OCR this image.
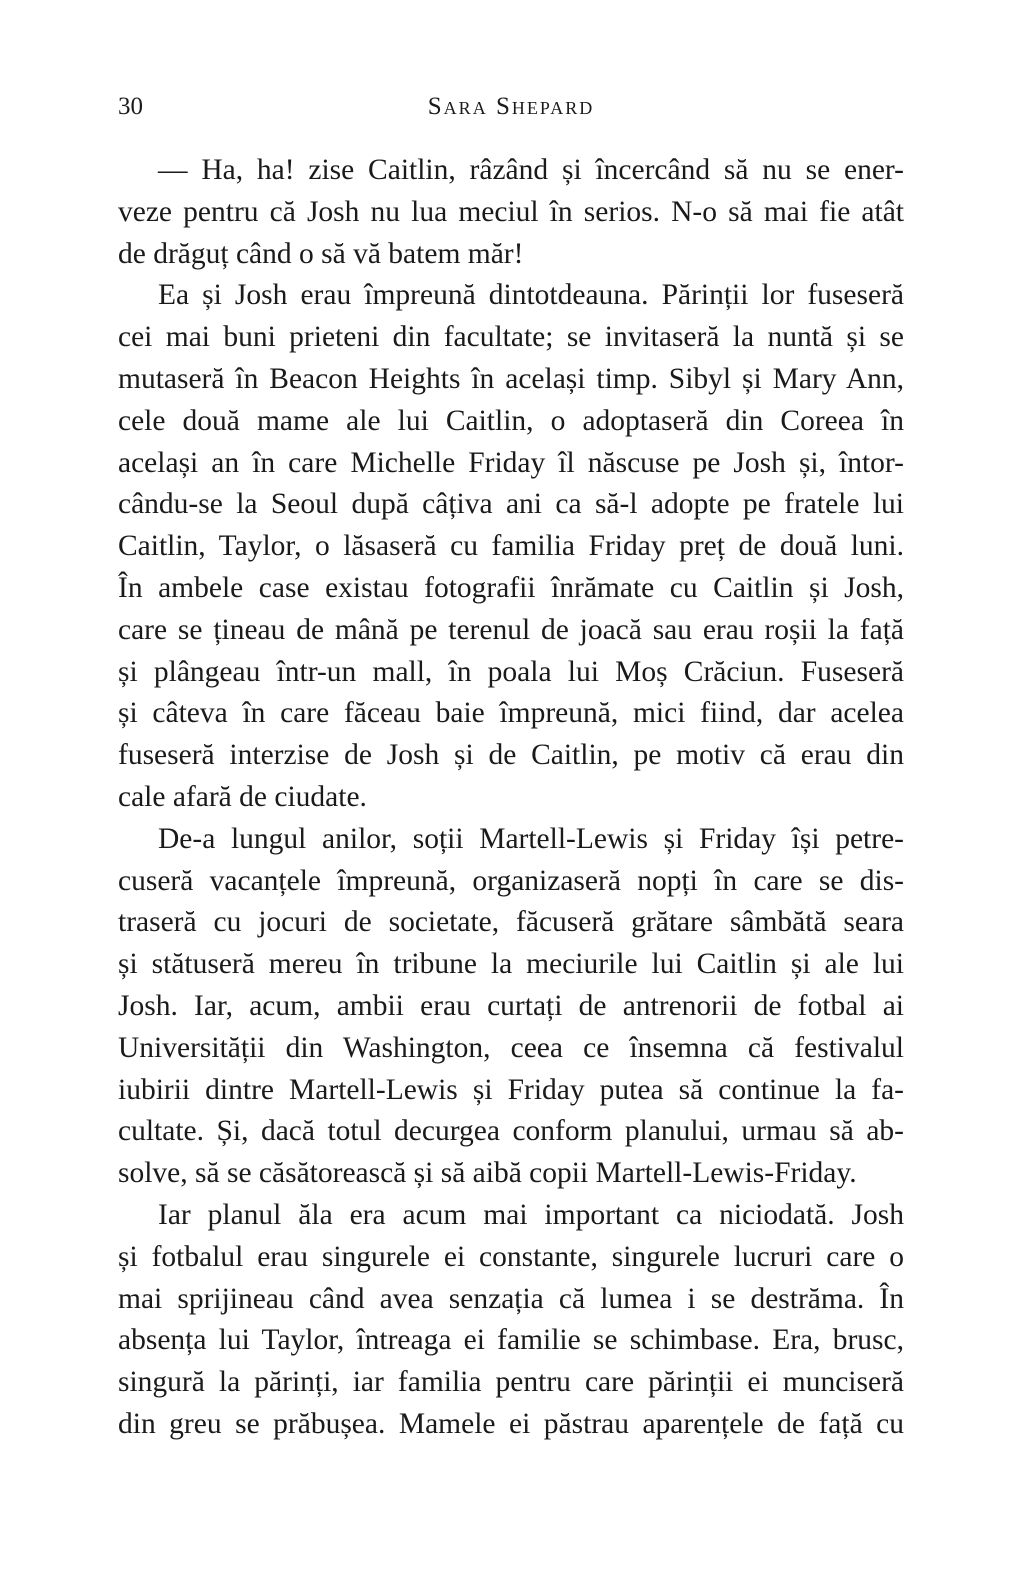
30	Sara Shepard
— Ha, ha! zise Caitlin, râzând și încercând să nu se ener-
veze pentru că Josh nu lua meciul în serios. N-o să mai fie atât
de drăguț când o să vă batem măr!
Ea și Josh erau împreună dintotdeauna. Părinții lor fuseseră
cei mai buni prieteni din facultate; se invitaseră la nuntă și se
mutaseră în Beacon Heights în același timp. Sibyl și Mary Ann,
cele două mame ale lui Caitlin, o adoptaseră din Coreea în
același an în care Michelle Friday îl născuse pe Josh și, întor-
cându-se la Seoul după câțiva ani ca să-l adopte pe fratele lui
Caitlin, Taylor, o lăsaseră cu familia Friday preț de două luni.
În ambele case existau fotografii înrămate cu Caitlin și Josh,
care se țineau de mână pe terenul de joacă sau erau roșii la față
și plângeau într-un mall, în poala lui Moș Crăciun. Fuseseră
și câteva în care făceau baie împreună, mici fiind, dar acelea
fuseseră interzise de Josh și de Caitlin, pe motiv că erau din
cale afară de ciudate.
De-a lungul anilor, soții Martell-Lewis și Friday își petre-
cuseră vacanțele împreună, organizaseră nopți în care se dis-
traseră cu jocuri de societate, făcuseră grătare sâmbătă seara
și stătuseră mereu în tribune la meciurile lui Caitlin și ale lui
Josh. Iar, acum, ambii erau curtați de antrenorii de fotbal ai
Universității din Washington, ceea ce însemna că festivalul
iubirii dintre Martell-Lewis și Friday putea să continue la fa-
cultate. Și, dacă totul decurgea conform planului, urmau să ab-
solve, să se căsătorească și să aibă copii Martell-Lewis-Friday.
Iar planul ăla era acum mai important ca niciodată. Josh
și fotbalul erau singurele ei constante, singurele lucruri care o
mai sprijineau când avea senzația că lumea i se destrăma. În
absența lui Taylor, întreaga ei familie se schimbase. Era, brusc,
singură la părinți, iar familia pentru care părinții ei munciseră
din greu se prăbușea. Mamele ei păstrau aparențele de față cu
